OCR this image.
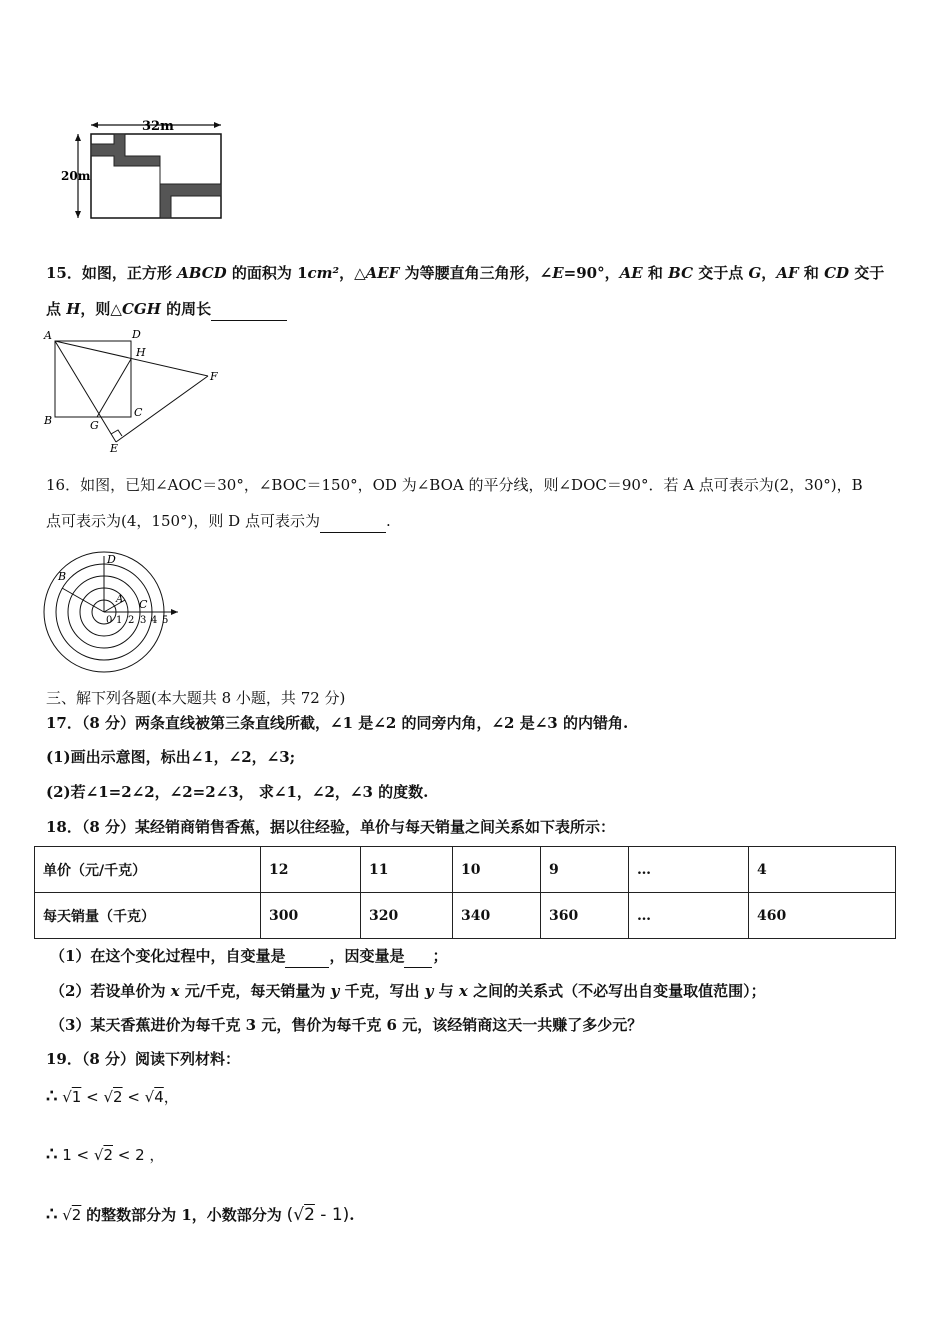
32m
20m
15．如图，正方形 ABCD 的面积为 1cm²，△AEF 为等腰直角三角形，∠E=90°，AE 和 BC 交于点 G，AF 和 CD 交于
点 H，则△CGH 的周长
A	D
H
F
B
C
G
E
16．如图，已知∠AOC＝30°，∠BOC＝150°，OD 为∠BOA 的平分线，则∠DOC＝90°．若 A 点可表示为(2，30°)，B
点可表示为(4，150°)，则 D 点可表示为	.
D
B
A C
0 1 2 3 4 5
三、解下列各题(本大题共 8 小题，共 72 分)
17．（8 分）两条直线被第三条直线所截，∠1 是∠2 的同旁内角，∠2 是∠3 的内错角.
(1)画出示意图，标出∠1，∠2，∠3;
(2)若∠1=2∠2，∠2=2∠3， 求∠1，∠2，∠3 的度数.
18．（8 分）某经销商销售香蕉，据以往经验，单价与每天销量之间关系如下表所示：
单价（元/千克）	12	11	10	9	…	4
每天销量（千克）	300	320	340	360	…	460
（1）在这个变化过程中，自变量是	，因变量是 ；
（2）若设单价为 x 元/千克，每天销量为 y 千克，写出 y 与 x 之间的关系式（不必写出自变量取值范围）；
（3）某天香蕉进价为每千克 3 元，售价为每千克 6 元，该经销商这天一共赚了多少元？
19．（8 分）阅读下列材料：
∴ √1 < √2 < √4，
∴ 1 < √2 < 2 ，
∴ √2 的整数部分为 1，小数部分为 (√2 - 1).
